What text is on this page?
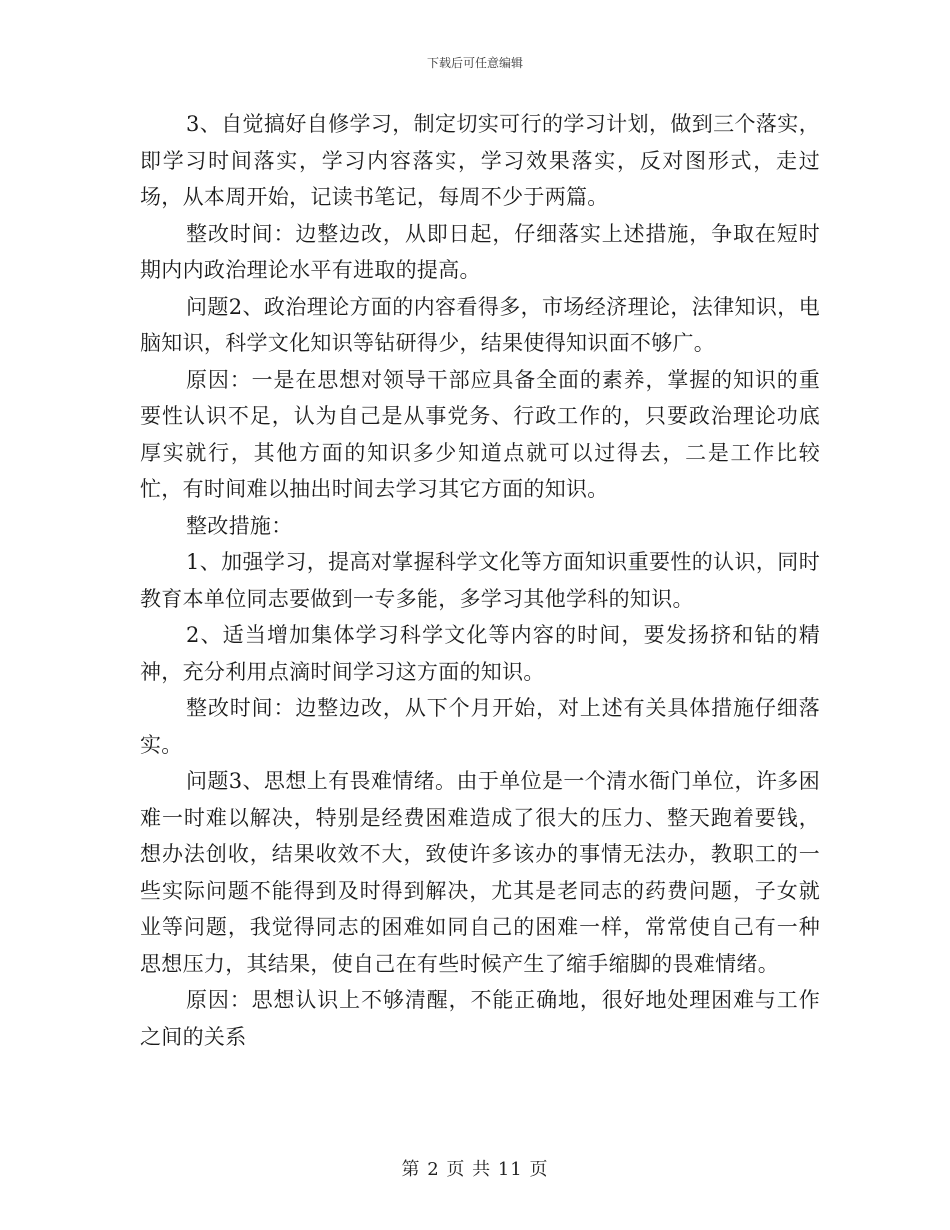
下载后可任意编辑

3、自觉搞好自修学习，制定切实可行的学习计划，做到三个落实，即学习时间落实，学习内容落实，学习效果落实，反对图形式，走过场，从本周开始，记读书笔记，每周不少于两篇。

整改时间：边整边改，从即日起，仔细落实上述措施，争取在短时期内内政治理论水平有进取的提高。

问题2、政治理论方面的内容看得多，市场经济理论，法律知识，电脑知识，科学文化知识等钻研得少，结果使得知识面不够广。

原因：一是在思想对领导干部应具备全面的素养，掌握的知识的重要性认识不足，认为自己是从事党务、行政工作的，只要政治理论功底厚实就行，其他方面的知识多少知道点就可以过得去，二是工作比较忙，有时间难以抽出时间去学习其它方面的知识。

整改措施：

1、加强学习，提高对掌握科学文化等方面知识重要性的认识，同时教育本单位同志要做到一专多能，多学习其他学科的知识。

2、适当增加集体学习科学文化等内容的时间，要发扬挤和钻的精神，充分利用点滴时间学习这方面的知识。

整改时间：边整边改，从下个月开始，对上述有关具体措施仔细落实。

问题3、思想上有畏难情绪。由于单位是一个清水衙门单位，许多困难一时难以解决，特别是经费困难造成了很大的压力、整天跑着要钱，想办法创收，结果收效不大，致使许多该办的事情无法办，教职工的一些实际问题不能得到及时得到解决，尤其是老同志的药费问题，子女就业等问题，我觉得同志的困难如同自己的困难一样，常常使自己有一种思想压力，其结果，使自己在有些时候产生了缩手缩脚的畏难情绪。

原因：思想认识上不够清醒，不能正确地，很好地处理困难与工作之间的关系

第 2 页 共 11 页
